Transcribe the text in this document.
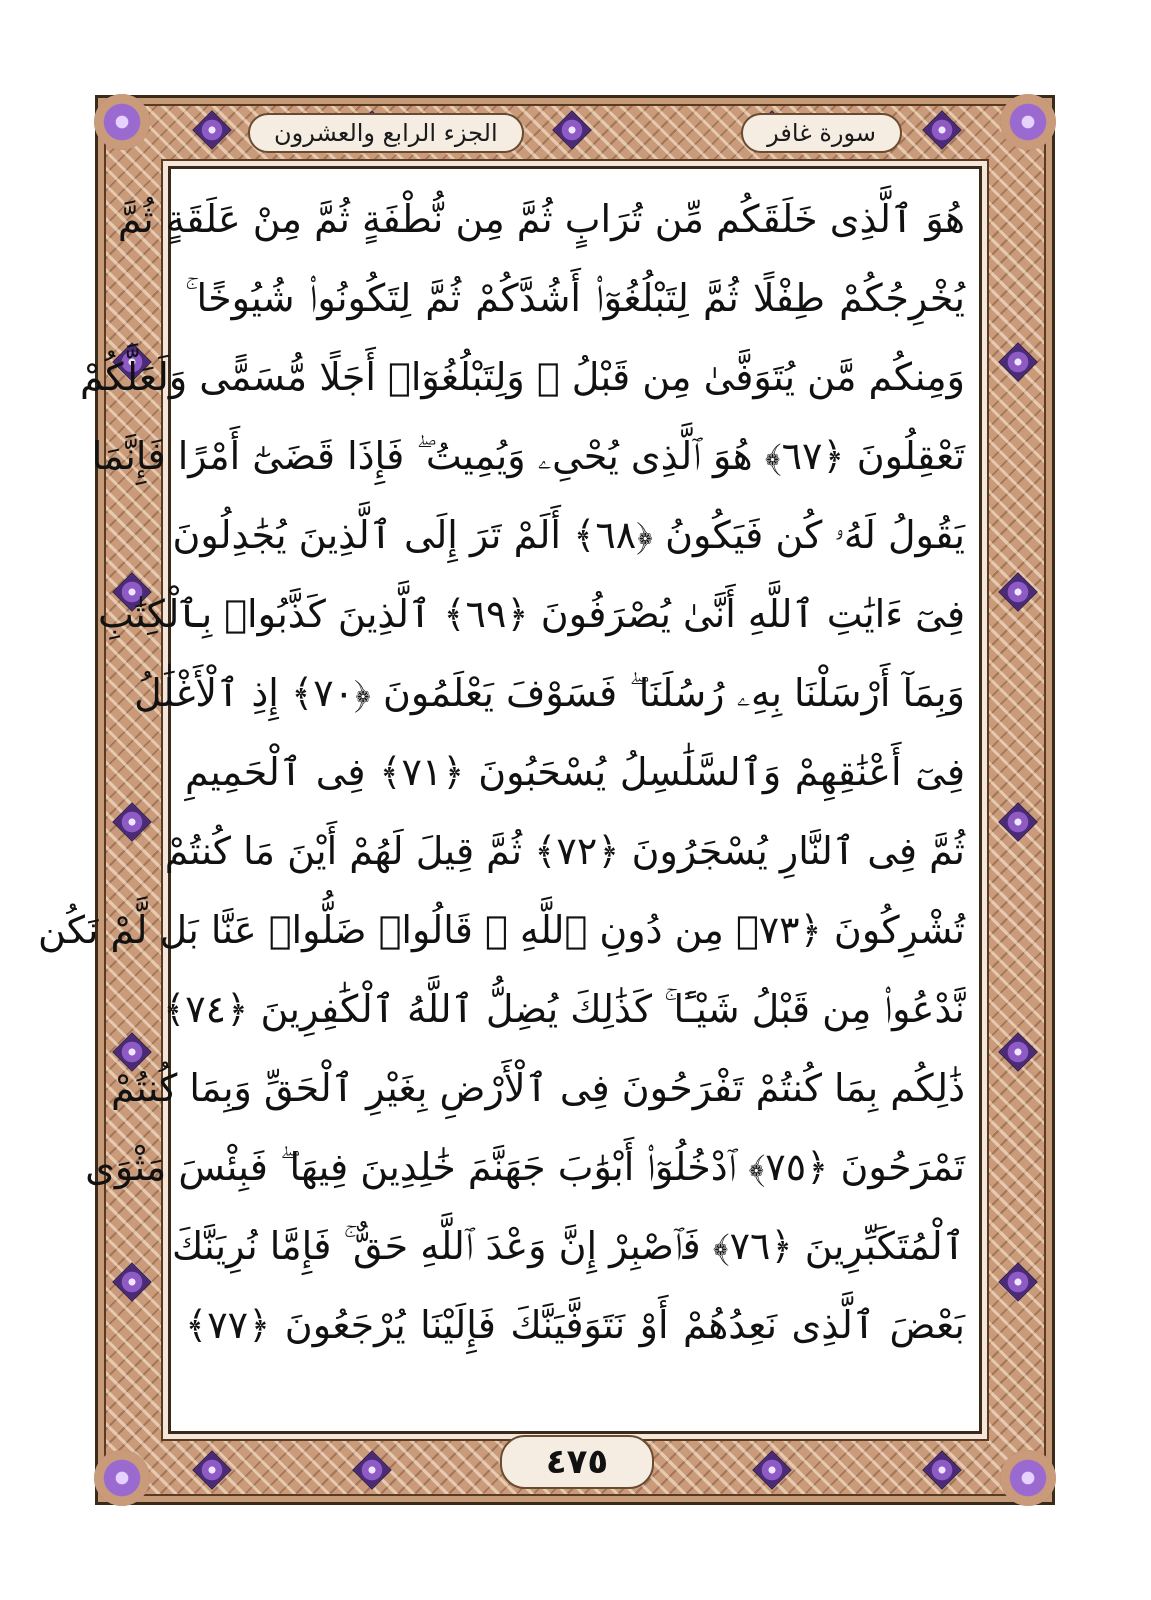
الجزء الرابع والعشرون	سورة غافر
هُوَ ٱلَّذِى خَلَقَكُم مِّن تُرَابٍ ثُمَّ مِن نُّطْفَةٍ ثُمَّ مِنْ عَلَقَةٍ ثُمَّ
يُخْرِجُكُمْ طِفْلًا ثُمَّ لِتَبْلُغُوٓا۟ أَشُدَّكُمْ ثُمَّ لِتَكُونُوا۟ شُيُوخًا ۚ
وَمِنكُم مَّن يُتَوَفَّىٰ مِن قَبْلُ ۖ وَلِتَبْلُغُوٓا۟ أَجَلًا مُّسَمًّى وَلَعَلَّكُمْ
تَعْقِلُونَ ﴿٦٧﴾ هُوَ ٱلَّذِى يُحْىِۦ وَيُمِيتُ ۖ فَإِذَا قَضَىٰٓ أَمْرًا فَإِنَّمَا
يَقُولُ لَهُۥ كُن فَيَكُونُ ﴿٦٨﴾ أَلَمْ تَرَ إِلَى ٱلَّذِينَ يُجَٰدِلُونَ
فِىٓ ءَايَٰتِ ٱللَّهِ أَنَّىٰ يُصْرَفُونَ ﴿٦٩﴾ ٱلَّذِينَ كَذَّبُوا۟ بِٱلْكِتَٰبِ
وَبِمَآ أَرْسَلْنَا بِهِۦ رُسُلَنَا ۖ فَسَوْفَ يَعْلَمُونَ ﴿٧٠﴾ إِذِ ٱلْأَغْلَٰلُ
فِىٓ أَعْنَٰقِهِمْ وَٱلسَّلَٰسِلُ يُسْحَبُونَ ﴿٧١﴾ فِى ٱلْحَمِيمِ
ثُمَّ فِى ٱلنَّارِ يُسْجَرُونَ ﴿٧٢﴾ ثُمَّ قِيلَ لَهُمْ أَيْنَ مَا كُنتُمْ
تُشْرِكُونَ ﴿٧٣﴾ مِن دُونِ ٱللَّهِ ۖ قَالُوا۟ ضَلُّوا۟ عَنَّا بَل لَّمْ نَكُن
نَّدْعُوا۟ مِن قَبْلُ شَيْـًٔا ۚ كَذَٰلِكَ يُضِلُّ ٱللَّهُ ٱلْكَٰفِرِينَ ﴿٧٤﴾
ذَٰلِكُم بِمَا كُنتُمْ تَفْرَحُونَ فِى ٱلْأَرْضِ بِغَيْرِ ٱلْحَقِّ وَبِمَا كُنتُمْ
تَمْرَحُونَ ﴿٧٥﴾ ٱدْخُلُوٓا۟ أَبْوَٰبَ جَهَنَّمَ خَٰلِدِينَ فِيهَا ۖ فَبِئْسَ مَثْوَى
ٱلْمُتَكَبِّرِينَ ﴿٧٦﴾ فَٱصْبِرْ إِنَّ وَعْدَ ٱللَّهِ حَقٌّ ۚ فَإِمَّا نُرِيَنَّكَ
بَعْضَ ٱلَّذِى نَعِدُهُمْ أَوْ نَتَوَفَّيَنَّكَ فَإِلَيْنَا يُرْجَعُونَ ﴿٧٧﴾
٤٧٥
